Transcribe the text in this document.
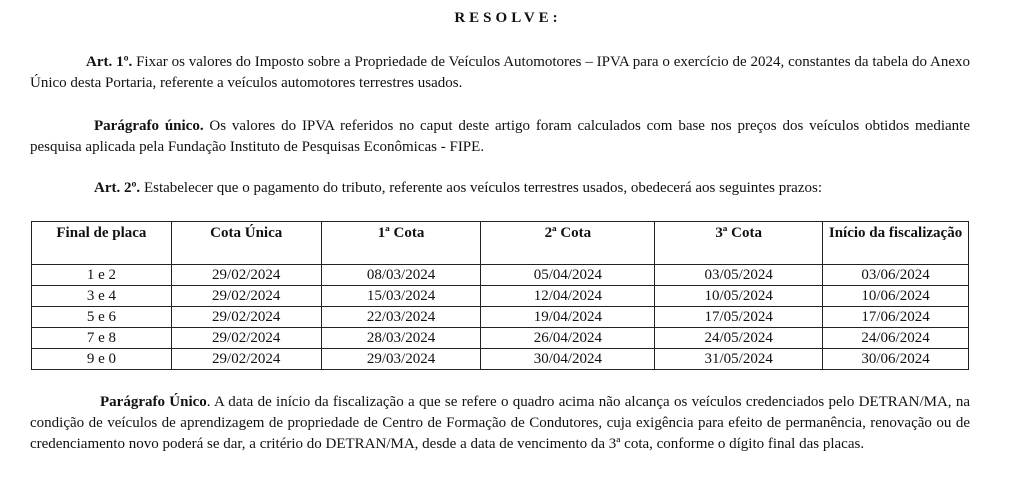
RESOLVE:

Art. 1º. Fixar os valores do Imposto sobre a Propriedade de Veículos Automotores – IPVA para o exercício de 2024, constantes da tabela do Anexo Único desta Portaria, referente a veículos automotores terrestres usados.

Parágrafo único. Os valores do IPVA referidos no caput deste artigo foram calculados com base nos preços dos veículos obtidos mediante pesquisa aplicada pela Fundação Instituto de Pesquisas Econômicas - FIPE.

Art. 2º. Estabelecer que o pagamento do tributo, referente aos veículos terrestres usados, obedecerá aos seguintes prazos:

Final de placa	Cota Única	1ª Cota	2ª Cota	3ª Cota	Início da fiscalização
1 e 2	29/02/2024	08/03/2024	05/04/2024	03/05/2024	03/06/2024
3 e 4	29/02/2024	15/03/2024	12/04/2024	10/05/2024	10/06/2024
5 e 6	29/02/2024	22/03/2024	19/04/2024	17/05/2024	17/06/2024
7 e 8	29/02/2024	28/03/2024	26/04/2024	24/05/2024	24/06/2024
9 e 0	29/02/2024	29/03/2024	30/04/2024	31/05/2024	30/06/2024

Parágrafo Único. A data de início da fiscalização a que se refere o quadro acima não alcança os veículos credenciados pelo DETRAN/MA, na condição de veículos de aprendizagem de propriedade de Centro de Formação de Condutores, cuja exigência para efeito de permanência, renovação ou de credenciamento novo poderá se dar, a critério do DETRAN/MA, desde a data de vencimento da 3ª cota, conforme o dígito final das placas.
